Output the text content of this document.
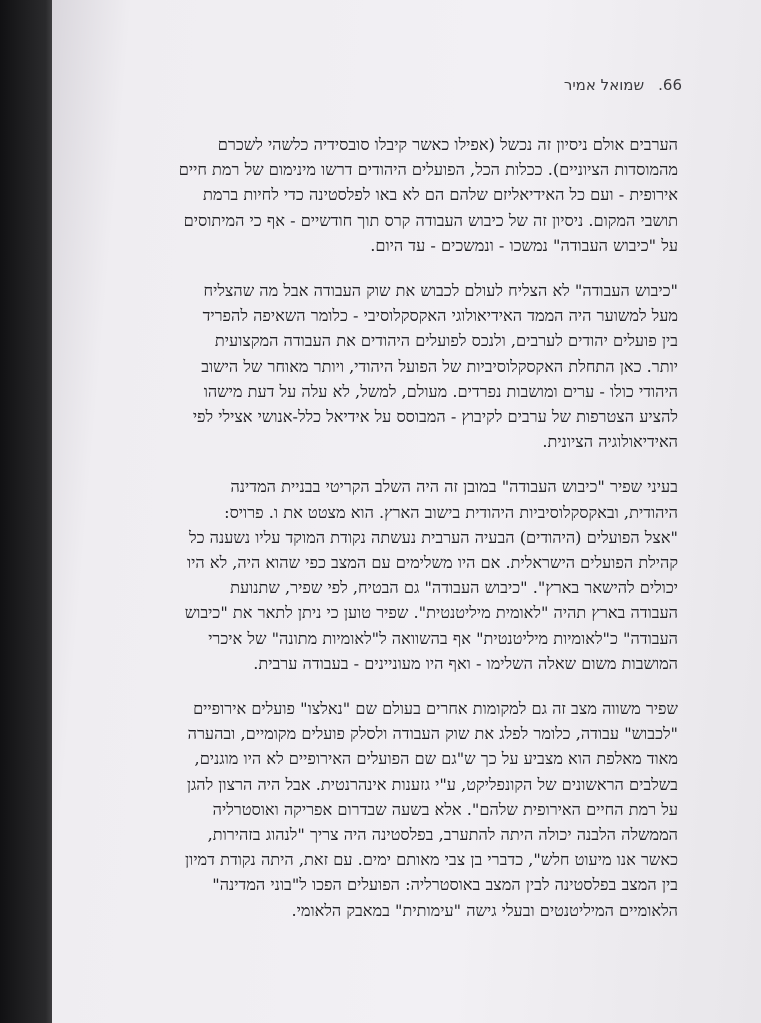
66.
שמואל אמיר

הערבים אולם ניסיון זה נכשל (אפילו כאשר קיבלו סובסידיה כלשהי לשכרם
מהמוסדות הציוניים). ככלות הכל, הפועלים היהודים דרשו מינימום של רמת חיים
אירופית - ועם כל האידיאליזם שלהם הם לא באו לפלסטינה כדי לחיות ברמת
תושבי המקום. ניסיון זה של כיבוש העבודה קרס תוך חודשיים - אף כי המיתוסים
על "כיבוש העבודה" נמשכו - ונמשכים - עד היום.

"כיבוש העבודה" לא הצליח לעולם לכבוש את שוק העבודה אבל מה שהצליח
מעל למשוער היה הממד האידיאולוגי האקסקלוסיבי - כלומר השאיפה להפריד
בין פועלים יהודים לערבים, ולנכס לפועלים היהודים את העבודה המקצועית
יותר. כאן התחלת האקסקלוסיביות של הפועל היהודי, ויותר מאוחר של הישוב
היהודי כולו - ערים ומושבות נפרדים. מעולם, למשל, לא עלה על דעת מישהו
להציע הצטרפות של ערבים לקיבוץ - המבוסס על אידיאל כלל-אנושי אצילי לפי
האידיאולוגיה הציונית.

בעיני שפיר "כיבוש העבודה" במובן זה היה השלב הקריטי בבניית המדינה
היהודית, ובאקסקלוסיביות היהודית בישוב הארץ. הוא מצטט את ו. פרויס:
"אצל הפועלים (היהודים) הבעיה הערבית נעשתה נקודת המוקד עליו נשענה כל
קהילת הפועלים הישראלית. אם היו משלימים עם המצב כפי שהוא היה, לא היו
יכולים להישאר בארץ". "כיבוש העבודה" גם הבטיח, לפי שפיר, שתנועת
העבודה בארץ תהיה "לאומית מיליטנטית". שפיר טוען כי ניתן לתאר את "כיבוש
העבודה" כ"לאומיות מיליטנטית" אף בהשוואה ל"לאומיות מתונה" של איכרי
המושבות משום שאלה השלימו - ואף היו מעוניינים - בעבודה ערבית.

שפיר משווה מצב זה גם למקומות אחרים בעולם שם "נאלצו" פועלים אירופיים
"לכבוש" עבודה, כלומר לפלג את שוק העבודה ולסלק פועלים מקומיים, ובהערה
מאוד מאלפת הוא מצביע על כך ש"גם שם הפועלים האירופיים לא היו מוגנים,
בשלבים הראשונים של הקונפליקט, ע"י גזענות אינהרנטית. אבל היה הרצון להגן
על רמת החיים האירופית שלהם". אלא בשעה שבדרום אפריקה ואוסטרליה
הממשלה הלבנה יכולה היתה להתערב, בפלסטינה היה צריך "לנהוג בזהירות,
כאשר אנו מיעוט חלש", כדברי בן צבי מאותם ימים. עם זאת, היתה נקודת דמיון
בין המצב בפלסטינה לבין המצב באוסטרליה: הפועלים הפכו ל"בוני המדינה"
הלאומיים המיליטנטים ובעלי גישה "עימותית" במאבק הלאומי.
